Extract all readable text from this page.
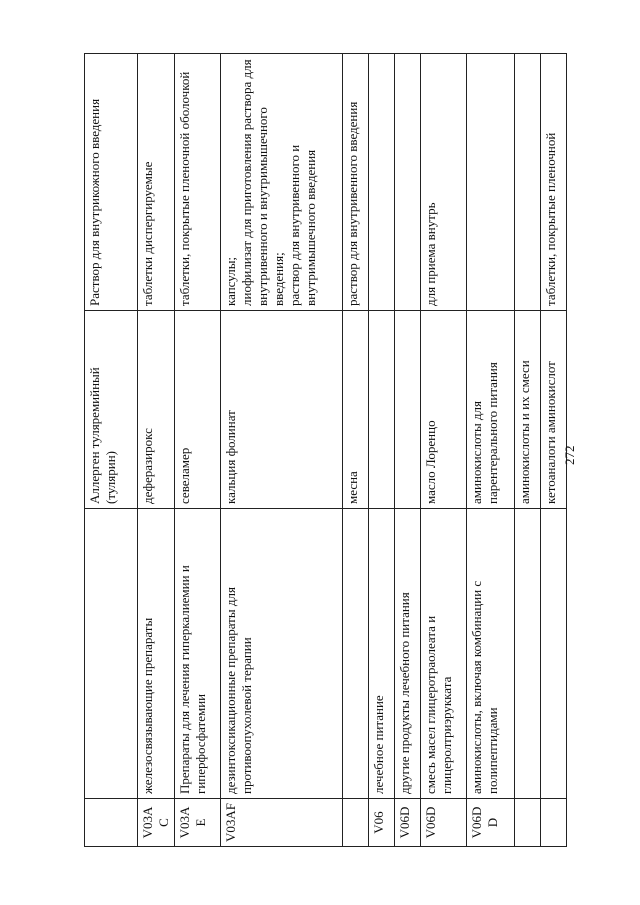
		Аллерген туляремийный (тулярин)	Раствор для внутрикожного введения
V03AC	железосвязывающие препараты	деферазирокс	таблетки диспергируемые
V03AE	Препараты для лечения гиперкалиемии и гиперфосфатемии	севеламер	таблетки, покрытые пленочной оболочкой
V03AF	дезинтоксикационные препараты для противоопухолевой терапии	кальция фолинат	капсулы;
лиофилизат для приготовления раствора для внутривенного и внутримышечного введения;
раствор для внутривенного и внутримышечного введения
		месна	раствор для внутривенного введения
V06	лечебное питание		
V06D	другие продукты лечебного питания		
V06D	смесь масел глицеротраолеата и глицеролтриэрукката	масло Лоренцо	для приема внутрь
V06DD	аминокислоты, включая комбинации с полипептидами	аминокислоты для парентерального питания	
		аминокислоты и их смеси	
		кетоаналоги аминокислот	таблетки, покрытые пленочной
272
